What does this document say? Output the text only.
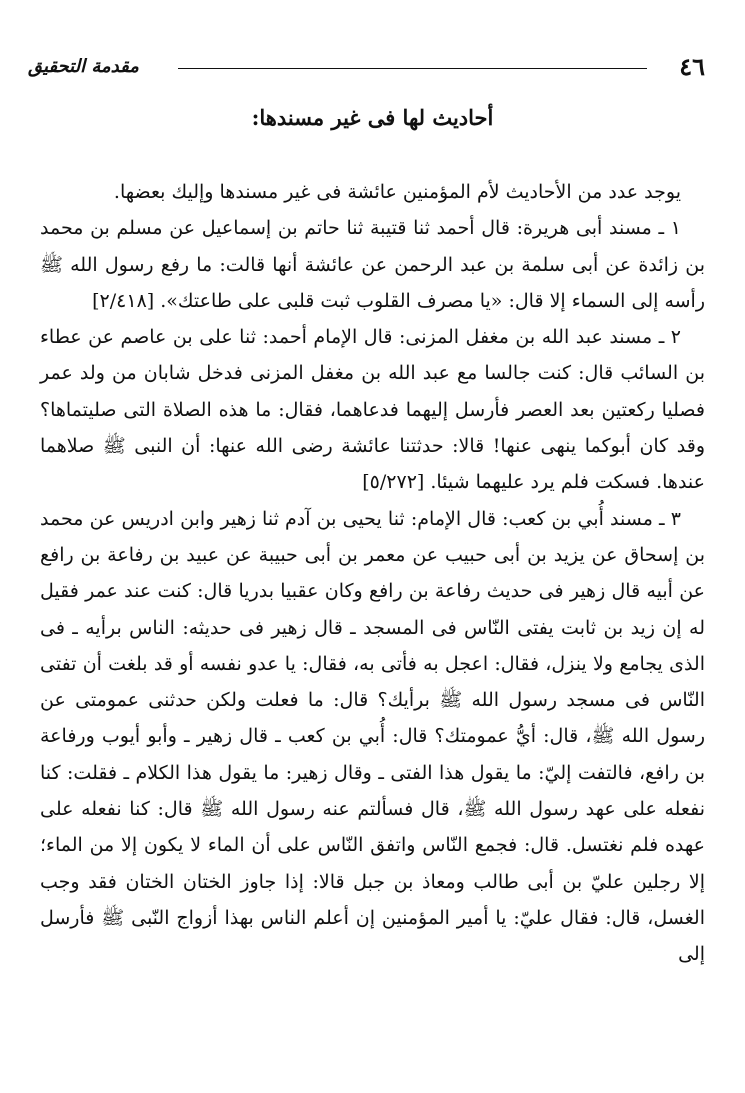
٤٦
مقدمة التحقيق
أحاديث لها فى غير مسندها:

يوجد عدد من الأحاديث لأم المؤمنين عائشة فى غير مسندها وإليك بعضها.

١ ـ مسند أبى هريرة: قال أحمد ثنا قتيبة ثنا حاتم بن إسماعيل عن مسلم بن محمد بن زائدة عن أبى سلمة بن عبد الرحمن عن عائشة أنها قالت: ما رفع رسول الله ﷺ رأسه إلى السماء إلا قال: «يا مصرف القلوب ثبت قلبى على طاعتك». [٢/٤١٨]

٢ ـ مسند عبد الله بن مغفل المزنى: قال الإمام أحمد: ثنا على بن عاصم عن عطاء بن السائب قال: كنت جالسا مع عبد الله بن مغفل المزنى فدخل شابان من ولد عمر فصليا ركعتين بعد العصر فأرسل إليهما فدعاهما، فقال: ما هذه الصلاة التى صليتماها؟ وقد كان أبوكما ينهى عنها! قالا: حدثتنا عائشة رضى الله عنها: أن النبى ﷺ صلاهما عندها. فسكت فلم يرد عليهما شيئا. [٥/٢٧٢]

٣ ـ مسند أُبي بن كعب: قال الإمام: ثنا يحيى بن آدم ثنا زهير وابن ادريس عن محمد بن إسحاق عن يزيد بن أبى حبيب عن معمر بن أبى حبيبة عن عبيد بن رفاعة بن رافع عن أبيه قال زهير فى حديث رفاعة بن رافع وكان عقبيا بدريا قال: كنت عند عمر فقيل له إن زيد بن ثابت يفتى النّاس فى المسجد ـ قال زهير فى حديثه: الناس برأيه ـ فى الذى يجامع ولا ينزل، فقال: اعجل به فأتى به، فقال: يا عدو نفسه أو قد بلغت أن تفتى النّاس فى مسجد رسول الله ﷺ برأيك؟ قال: ما فعلت ولكن حدثنى عمومتى عن رسول الله ﷺ، قال: أيُّ عمومتك؟ قال: أُبي بن كعب ـ قال زهير ـ وأبو أيوب ورفاعة بن رافع، فالتفت إليّ: ما يقول هذا الفتى ـ وقال زهير: ما يقول هذا الكلام ـ فقلت: كنا نفعله على عهد رسول الله ﷺ، قال فسألتم عنه رسول الله ﷺ قال: كنا نفعله على عهده فلم نغتسل. قال: فجمع النّاس واتفق النّاس على أن الماء لا يكون إلا من الماء؛ إلا رجلين عليّ بن أبى طالب ومعاذ بن جبل قالا: إذا جاوز الختان الختان فقد وجب الغسل، قال: فقال عليّ: يا أمير المؤمنين إن أعلم الناس بهذا أزواج النّبى ﷺ فأرسل إلى
